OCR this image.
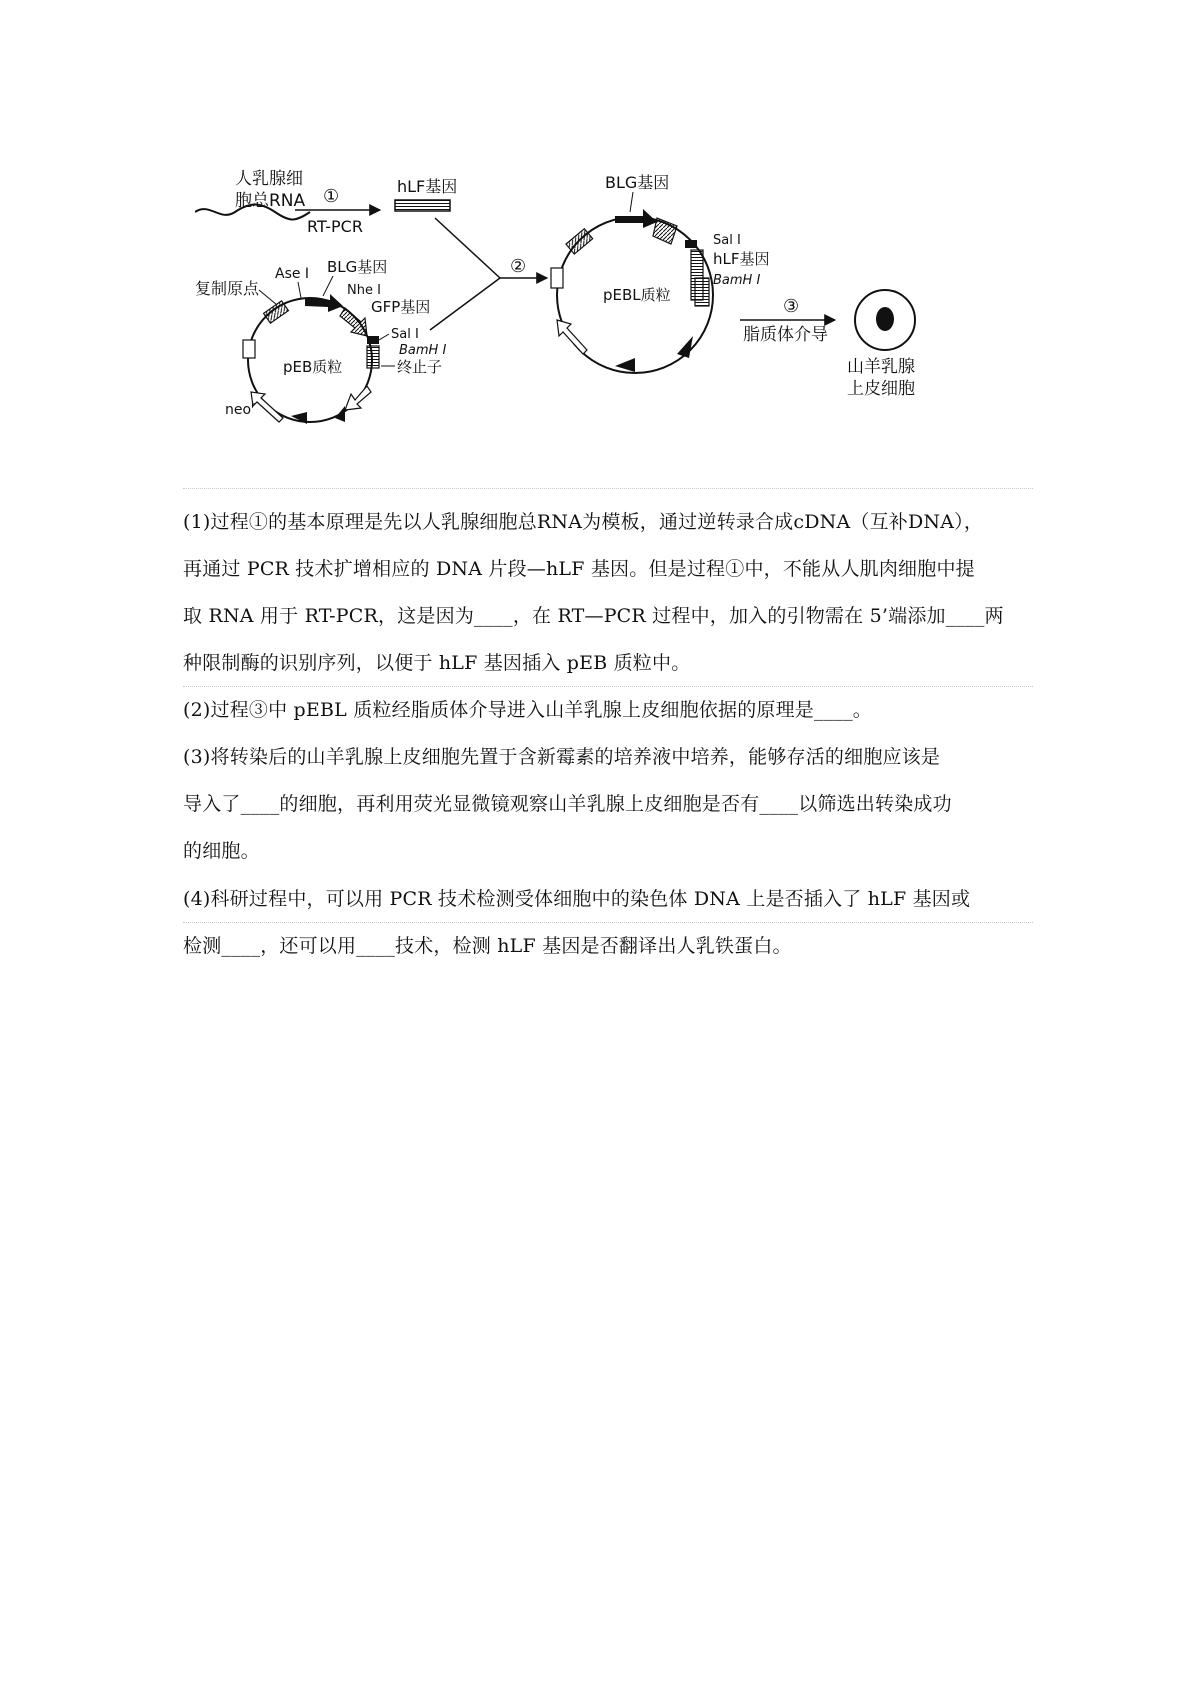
人乳腺细
胞总RNA ①
RT-PCR
hLF基因
②
pEB质粒
复制原点
Ase I BLG基因
Nhe I
GFP基因
Sal I
BamH I
终止子
neo$^r$
pEBL质粒
BLG基因
Sal I
hLF基因
BamH I
③
脂质体介导
山羊乳腺
上皮细胞

(1)过程①的基本原理是先以人乳腺细胞总RNA为模板，通过逆转录合成cDNA（互补DNA），

再通过 PCR 技术扩增相应的 DNA 片段—hLF 基因。但是过程①中，不能从人肌肉细胞中提

取 RNA 用于 RT-PCR，这是因为____，在 RT—PCR 过程中，加入的引物需在 5’端添加____两

种限制酶的识别序列，以便于 hLF 基因插入 pEB 质粒中。

(2)过程③中 pEBL 质粒经脂质体介导进入山羊乳腺上皮细胞依据的原理是____。

(3)将转染后的山羊乳腺上皮细胞先置于含新霉素的培养液中培养，能够存活的细胞应该是

导入了____的细胞，再利用荧光显微镜观察山羊乳腺上皮细胞是否有____以筛选出转染成功

的细胞。

(4)科研过程中，可以用 PCR 技术检测受体细胞中的染色体 DNA 上是否插入了 hLF 基因或

检测____，还可以用____技术，检测 hLF 基因是否翻译出人乳铁蛋白。
